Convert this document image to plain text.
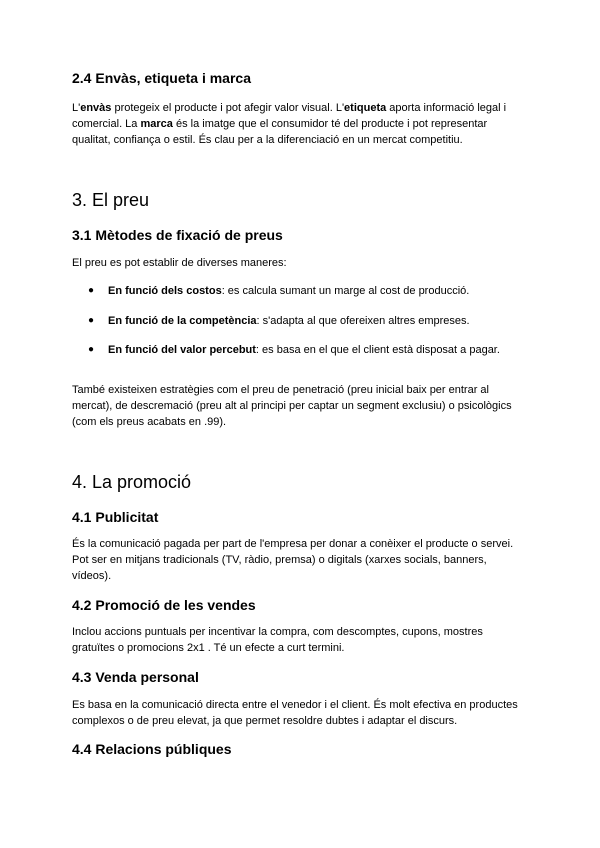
2.4 Envàs, etiqueta i marca
L'envàs protegeix el producte i pot afegir valor visual. L'etiqueta aporta informació legal i comercial. La marca és la imatge que el consumidor té del producte i pot representar qualitat, confiança o estil. És clau per a la diferenciació en un mercat competitiu.
3. El preu
3.1 Mètodes de fixació de preus
El preu es pot establir de diverses maneres:
● En funció dels costos: es calcula sumant un marge al cost de producció.
● En funció de la competència: s'adapta al que ofereixen altres empreses.
● En funció del valor percebut: es basa en el que el client està disposat a pagar.
També existeixen estratègies com el preu de penetració (preu inicial baix per entrar al mercat), de descremació (preu alt al principi per captar un segment exclusiu) o psicològics (com els preus acabats en .99).
4. La promoció
4.1 Publicitat
És la comunicació pagada per part de l'empresa per donar a conèixer el producte o servei. Pot ser en mitjans tradicionals (TV, ràdio, premsa) o digitals (xarxes socials, banners, vídeos).
4.2 Promoció de les vendes
Inclou accions puntuals per incentivar la compra, com descomptes, cupons, mostres gratuïtes o promocions 2x1 . Té un efecte a curt termini.
4.3 Venda personal
Es basa en la comunicació directa entre el venedor i el client. És molt efectiva en productes complexos o de preu elevat, ja que permet resoldre dubtes i adaptar el discurs.
4.4 Relacions públiques
